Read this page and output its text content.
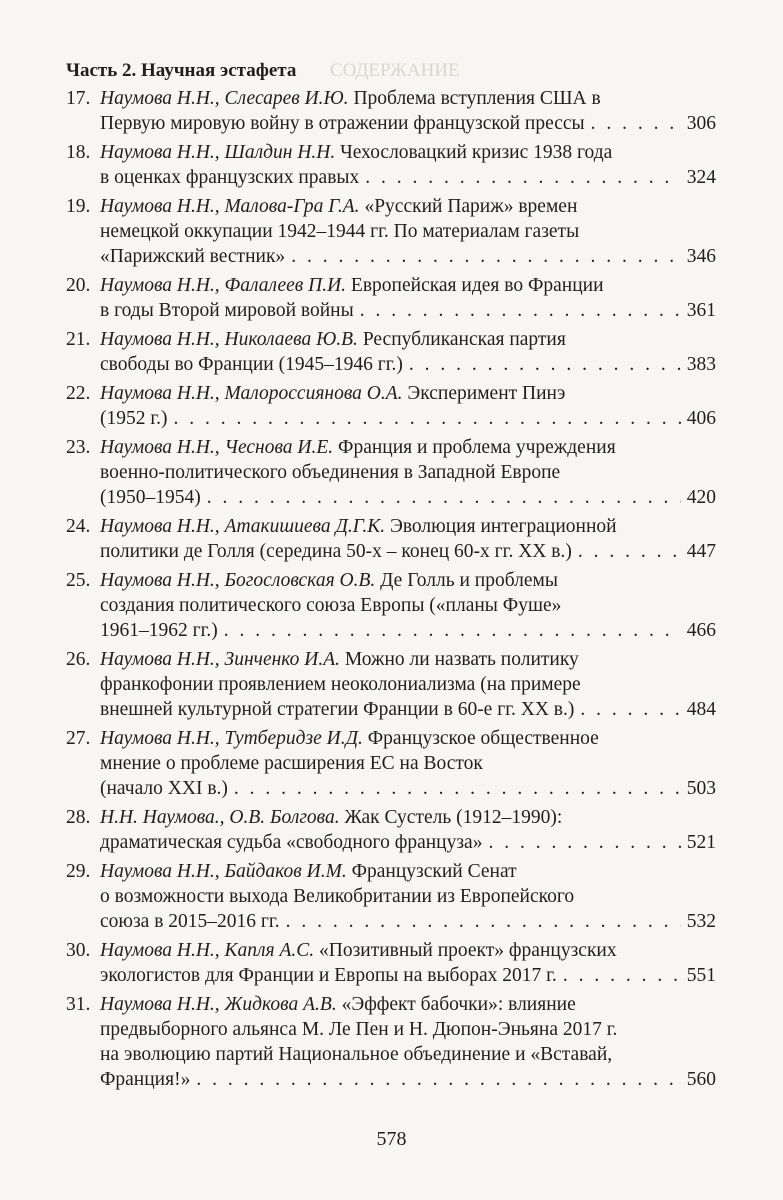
СОДЕРЖАНИЕ
Часть 2. Научная эстафета
17. Наумова Н.Н., Слесарев И.Ю.
Проблема вступления США в
Первую мировую войну в отражении французской прессы . . .	306
18. Наумова Н.Н., Шалдин Н.Н.
Чехословацкий кризис 1938 года
в оценках французских правых . . .	324
19. Наумова Н.Н., Малова-Гра Г.А.
«Русский Париж» времен
немецкой оккупации 1942–1944 гг. По материалам газеты
«Парижский вестник» . . .	346
20. Наумова Н.Н., Фалалеев П.И.
Европейская идея во Франции
в годы Второй мировой войны . . .	361
21. Наумова Н.Н., Николаева Ю.В.
Республиканская партия
свободы во Франции (1945–1946 гг.) . . .	383
22. Наумова Н.Н., Малороссиянова О.А.
Эксперимент Пинэ
(1952 г.) . . .	406
23. Наумова Н.Н., Чеснова И.Е.
Франция и проблема учреждения
военно-политического объединения в Западной Европе
(1950–1954) . . .	420
24. Наумова Н.Н., Атакишиева Д.Г.К.
Эволюция интеграционной
политики де Голля (середина 50-х – конец 60-х гг. XX в.) . . .	447
25. Наумова Н.Н., Богословская О.В.
Де Голль и проблемы
создания политического союза Европы («планы Фуше»
1961–1962 гг.) . . .	466
26. Наумова Н.Н., Зинченко И.А.
Можно ли назвать политику
франкофонии проявлением неоколониализма (на примере
внешней культурной стратегии Франции в 60-е гг. XX в.) . . .	484
27. Наумова Н.Н., Тутберидзе И.Д.
Французское общественное
мнение о проблеме расширения ЕС на Восток
(начало XXI в.) . . .	503
28. Н.Н. Наумова., О.В. Болгова.
Жак Сустель (1912–1990):
драматическая судьба «свободного француза» . . .	521
29. Наумова Н.Н., Байдаков И.М.
Французский Сенат
о возможности выхода Великобритании из Европейского
союза в 2015–2016 гг. . . .	532
30. Наумова Н.Н., Капля А.С.
«Позитивный проект» французских
экологистов для Франции и Европы на выборах 2017 г. . . .	551
31. Наумова Н.Н., Жидкова А.В.
«Эффект бабочки»: влияние
предвыборного альянса М. Ле Пен и Н. Дюпон-Эньяна 2017 г.
на эволюцию партий Национальное объединение и «Вставай,
Франция!» . . .	560
578
